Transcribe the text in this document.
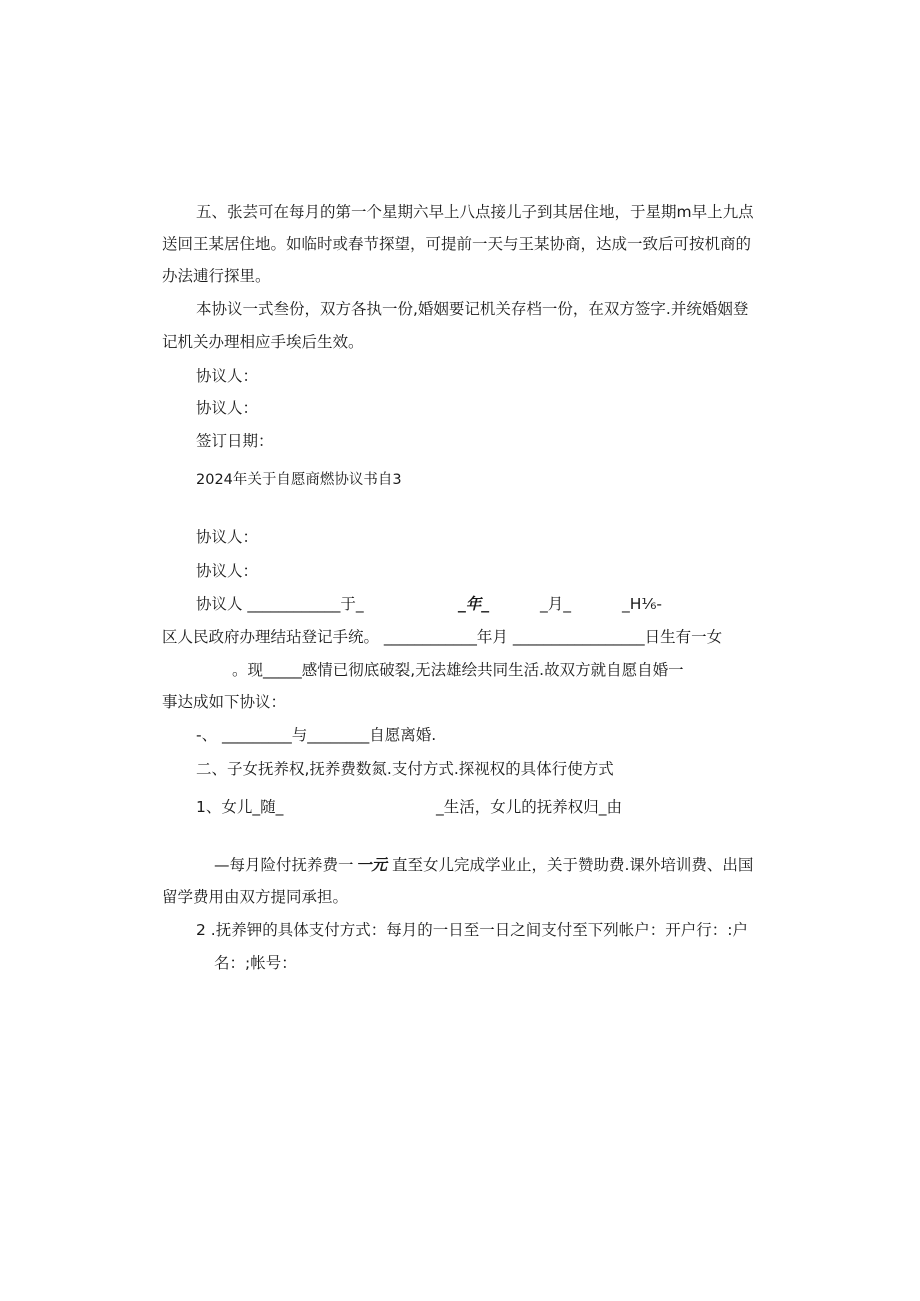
五、张芸可在每月的第一个星期六早上八点接儿子到其居住地，于星期m早上九点
送回王某居住地。如临时或春节探望，可提前一天与王某协商，达成一致后可按机商的
办法逋行探里。
本协议一式叁份，双方各执一份,婚姻要记机关存档一份，在双方签字.并统婚姻登
记机关办理相应手埃后生效。
协议人：
协议人：
签订日期：
2024年关于自愿商燃协议书自3
协议人：
协议人：
协议人 ____________于_	_年_	_月_	_H⅙-
区人民政府办理结玷登记手统。 ____________年月 _________________日生有一女
。现_____感情已彻底破裂,无法雄绘共同生活.故双方就自愿自婚一
事达成如下协议：
-、 _________与________自愿离婚.
二、子女抚养权,抚养费数氮.支付方式.探视权的具体行使方式
1、女儿_随_	_生活，女儿的抚养权归_由
—每月险付抚养费一 一元 直至女儿完成学业止，关于赞助费.课外培训费、出国
留学费用由双方提同承担。
2 .抚养钾的具体支付方式：每月的一日至一日之间支付至下列帐户：开户行：:户
名：;帐号：
